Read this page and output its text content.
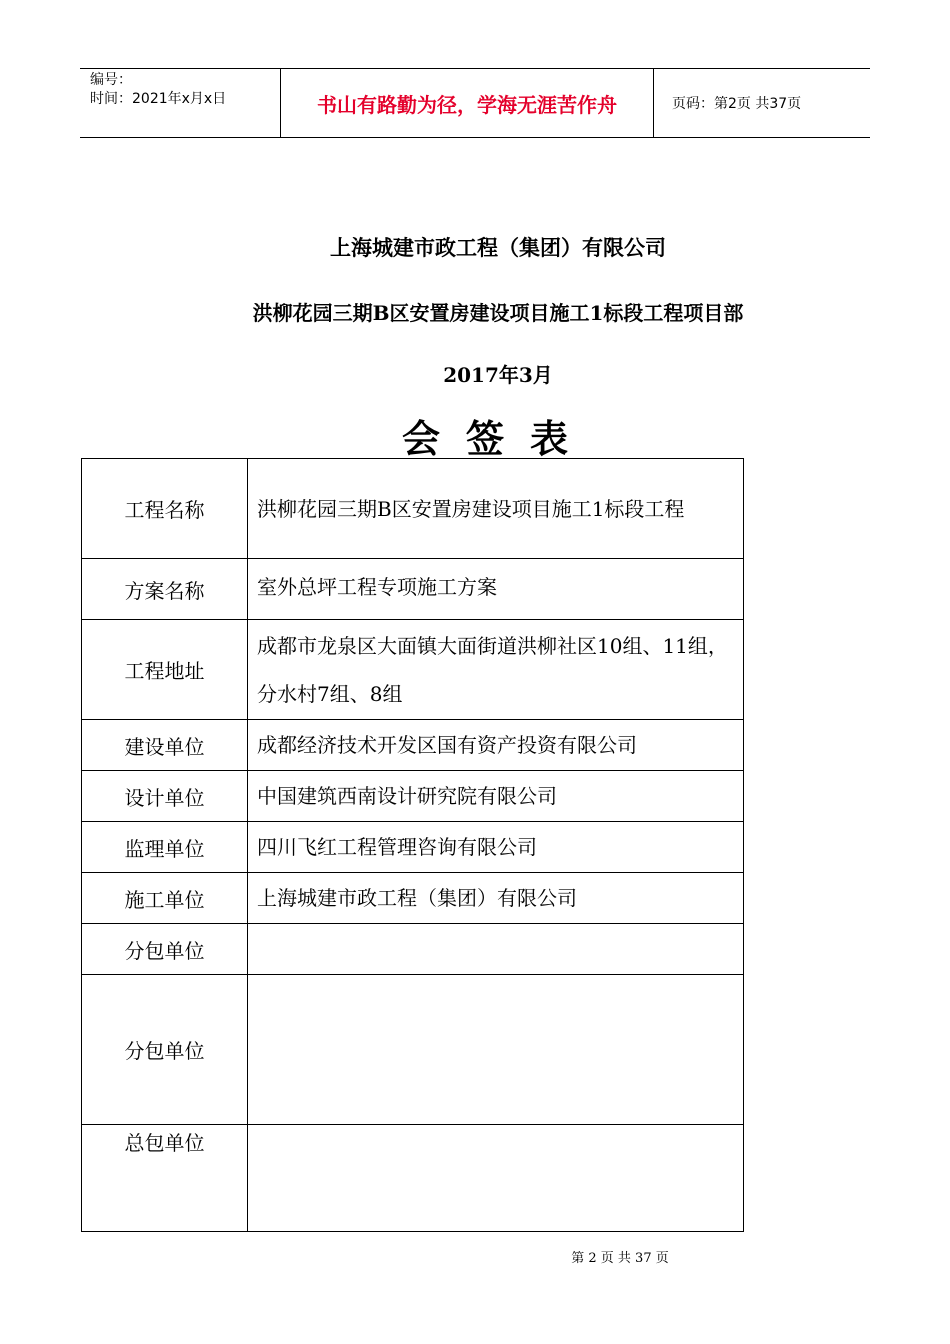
编号：
时间：2021年x月x日	书山有路勤为径，学海无涯苦作舟	页码：第2页 共37页
上海城建市政工程（集团）有限公司
洪柳花园三期B区安置房建设项目施工1标段工程项目部
2017年3月
会签表
工程名称	洪柳花园三期B区安置房建设项目施工1标段工程
方案名称	室外总坪工程专项施工方案
工程地址	成都市龙泉区大面镇大面街道洪柳社区10组、11组，分水村7组、8组
建设单位	成都经济技术开发区国有资产投资有限公司
设计单位	中国建筑西南设计研究院有限公司
监理单位	四川飞红工程管理咨询有限公司
施工单位	上海城建市政工程（集团）有限公司
分包单位	
分包单位	
总包单位	
第 2 页 共 37 页
